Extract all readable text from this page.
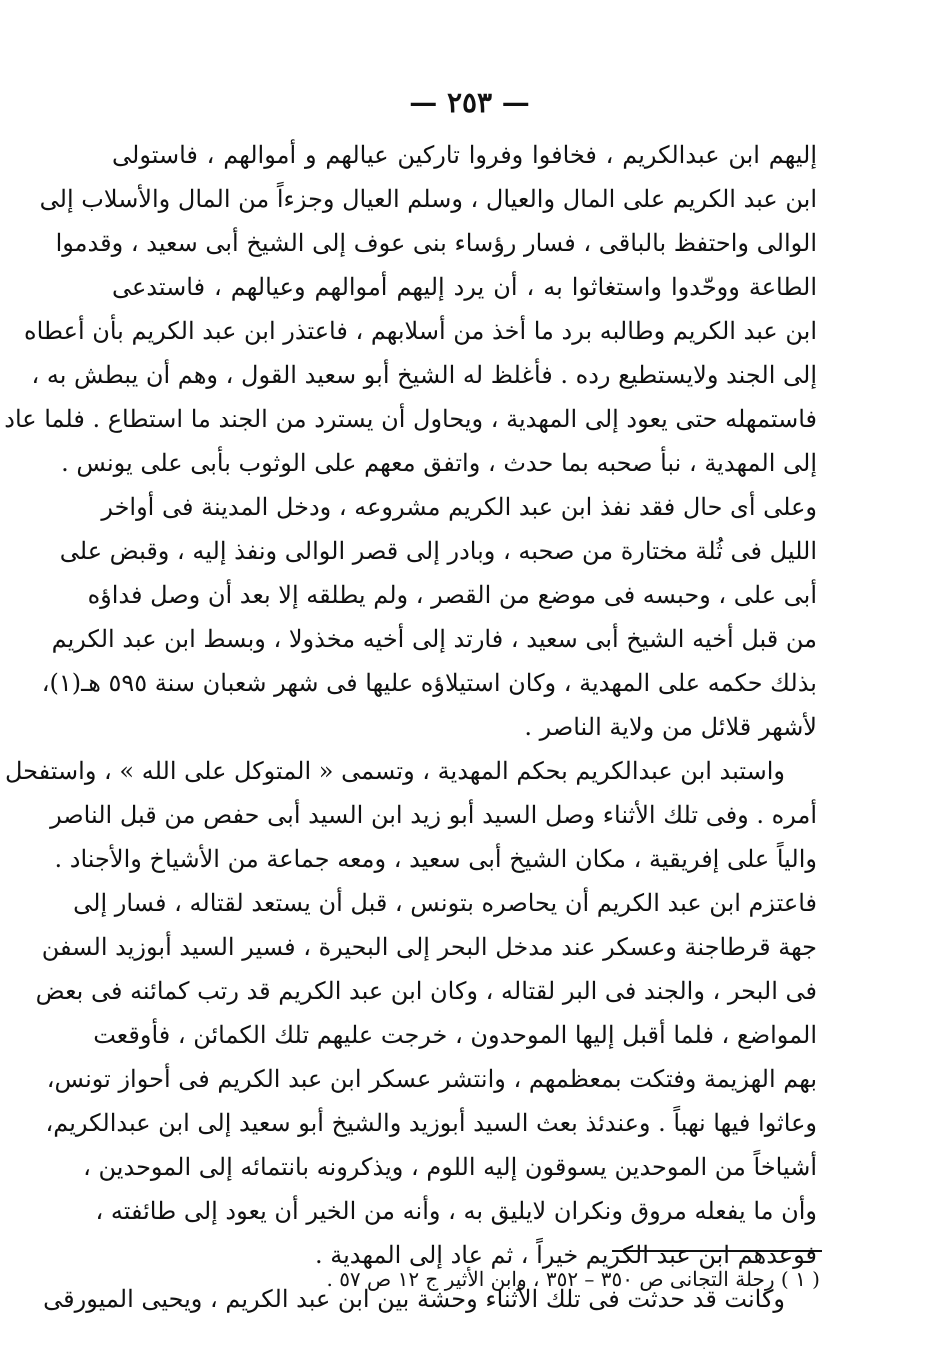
— ٢٥٣ —
إليهم ابن عبدالكريم ، فخافوا وفروا تاركين عيالهم و أموالهم ، فاستولى
ابن عبد الكريم على المال والعيال ، وسلم العيال وجزءاً من المال والأسلاب إلى
الوالى واحتفظ بالباقى ، فسار رؤساء بنى عوف إلى الشيخ أبى سعيد ، وقدموا
الطاعة ووحّدوا واستغاثوا به ، أن يرد إليهم أموالهم وعيالهم ، فاستدعى
ابن عبد الكريم وطالبه برد ما أخذ من أسلابهم ، فاعتذر ابن عبد الكريم بأن أعطاه
إلى الجند ولايستطيع رده . فأغلظ له الشيخ أبو سعيد القول ، وهم أن يبطش به ،
فاستمهله حتى يعود إلى المهدية ، ويحاول أن يسترد من الجند ما استطاع . فلما عاد
إلى المهدية ، نبأ صحبه بما حدث ، واتفق معهم على الوثوب بأبى على يونس .
وعلى أى حال فقد نفذ ابن عبد الكريم مشروعه ، ودخل المدينة فى أواخر
الليل فى ثُلة مختارة من صحبه ، وبادر إلى قصر الوالى ونفذ إليه ، وقبض على
أبى على ، وحبسه فى موضع من القصر ، ولم يطلقه إلا بعد أن وصل فداؤه
من قبل أخيه الشيخ أبى سعيد ، فارتد إلى أخيه مخذولا ، وبسط ابن عبد الكريم
بذلك حكمه على المهدية ، وكان استيلاؤه عليها فى شهر شعبان سنة ٥٩٥ هـ(١)،
لأشهر قلائل من ولاية الناصر .
واستبد ابن عبدالكريم بحكم المهدية ، وتسمى « المتوكل على الله » ، واستفحل
أمره . وفى تلك الأثناء وصل السيد أبو زيد ابن السيد أبى حفص من قبل الناصر
والياً على إفريقية ، مكان الشيخ أبى سعيد ، ومعه جماعة من الأشياخ والأجناد .
فاعتزم ابن عبد الكريم أن يحاصره بتونس ، قبل أن يستعد لقتاله ، فسار إلى
جهة قرطاجنة وعسكر عند مدخل البحر إلى البحيرة ، فسير السيد أبوزيد السفن
فى البحر ، والجند فى البر لقتاله ، وكان ابن عبد الكريم قد رتب كمائنه فى بعض
المواضع ، فلما أقبل إليها الموحدون ، خرجت عليهم تلك الكمائن ، فأوقعت
بهم الهزيمة وفتكت بمعظمهم ، وانتشر عسكر ابن عبد الكريم فى أحواز تونس،
وعاثوا فيها نهباً . وعندئذ بعث السيد أبوزيد والشيخ أبو سعيد إلى ابن عبدالكريم،
أشياخاً من الموحدين يسوقون إليه اللوم ، ويذكرونه بانتمائه إلى الموحدين ،
وأن ما يفعله مروق ونكران لايليق به ، وأنه من الخير أن يعود إلى طائفته ،
فوعدهم ابن عبد الكريم خيراً ، ثم عاد إلى المهدية .
وكانت قد حدثت فى تلك الأثناء وحشة بين ابن عبد الكريم ، ويحيى الميورقى
( ١ ) رحلة التجانى ص ٣٥٠ – ٣٥٢ ، وابن الأثير ج ١٢ ص ٥٧ .
